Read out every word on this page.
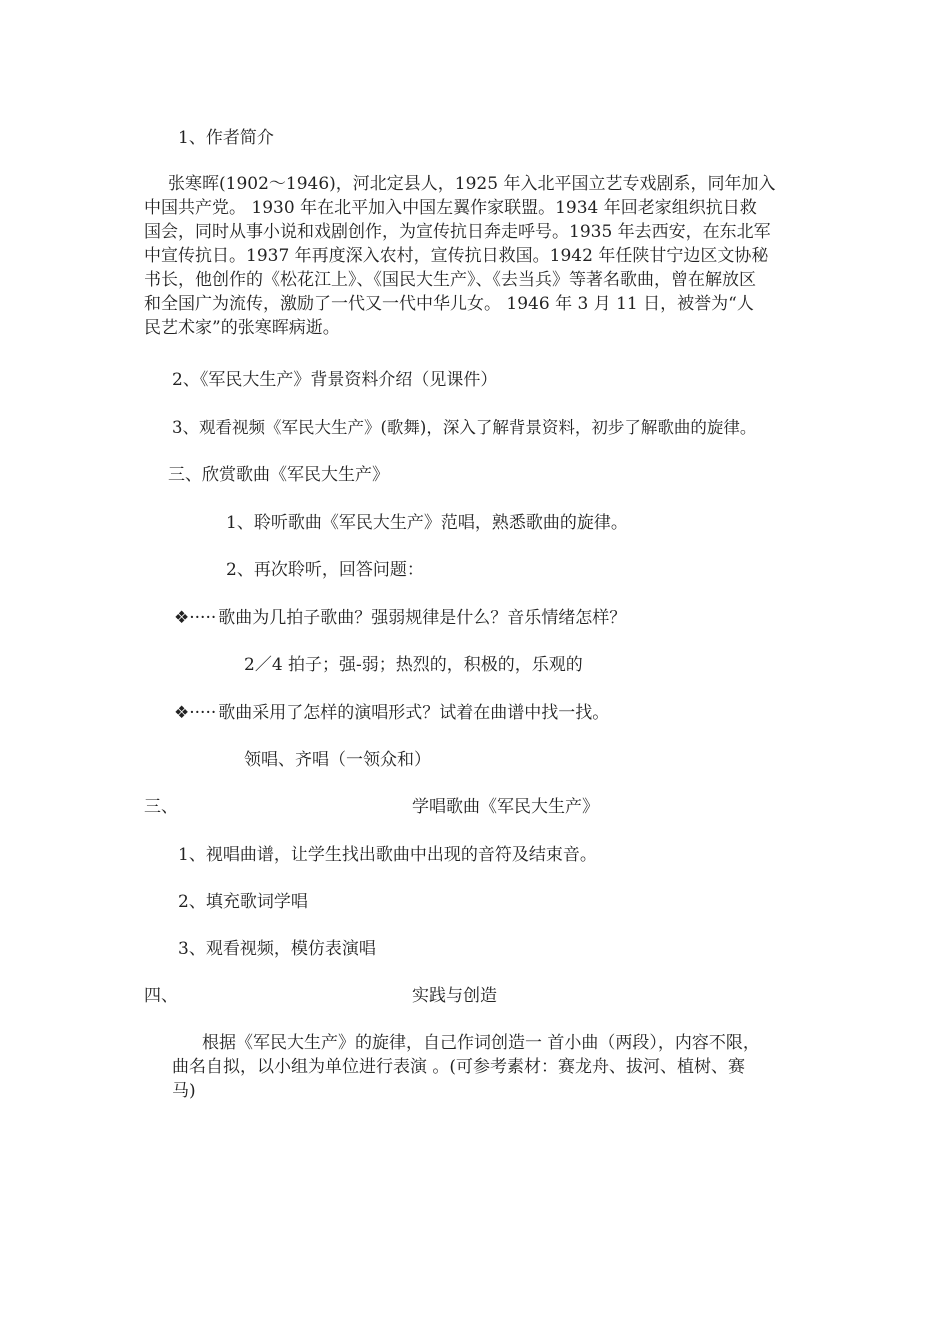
1、作者简介
张寒晖(1902～1946)，河北定县人，1925 年入北平国立艺专戏剧系，同年加入
中国共产党。 1930 年在北平加入中国左翼作家联盟。1934 年回老家组织抗日救
国会，同时从事小说和戏剧创作，为宣传抗日奔走呼号。1935 年去西安，在东北军
中宣传抗日。1937 年再度深入农村，宣传抗日救国。1942 年任陕甘宁边区文协秘
书长，他创作的《松花江上》、《国民大生产》、《去当兵》等著名歌曲，曾在解放区
和全国广为流传，激励了一代又一代中华儿女。 1946 年 3 月 11 日，被誉为“人
民艺术家”的张寒晖病逝。
2、《军民大生产》背景资料介绍（见课件）
3、观看视频《军民大生产》(歌舞)，深入了解背景资料，初步了解歌曲的旋律。
三、欣赏歌曲《军民大生产》
1、聆听歌曲《军民大生产》范唱，熟悉歌曲的旋律。
2、再次聆听，回答问题：
❖····· 歌曲为几拍子歌曲？强弱规律是什么？音乐情绪怎样？
2／4 拍子；强-弱；热烈的，积极的，乐观的
❖····· 歌曲采用了怎样的演唱形式？试着在曲谱中找一找。
领唱、齐唱（一领众和）
三、	学唱歌曲《军民大生产》
1、视唱曲谱，让学生找出歌曲中出现的音符及结束音。
2、填充歌词学唱
3、观看视频，模仿表演唱
四、	实践与创造
根据《军民大生产》的旋律，自己作词创造一 首小曲（两段），内容不限，
曲名自拟，以小组为单位进行表演 。(可参考素材：赛龙舟、拔河、植树、赛
马)
